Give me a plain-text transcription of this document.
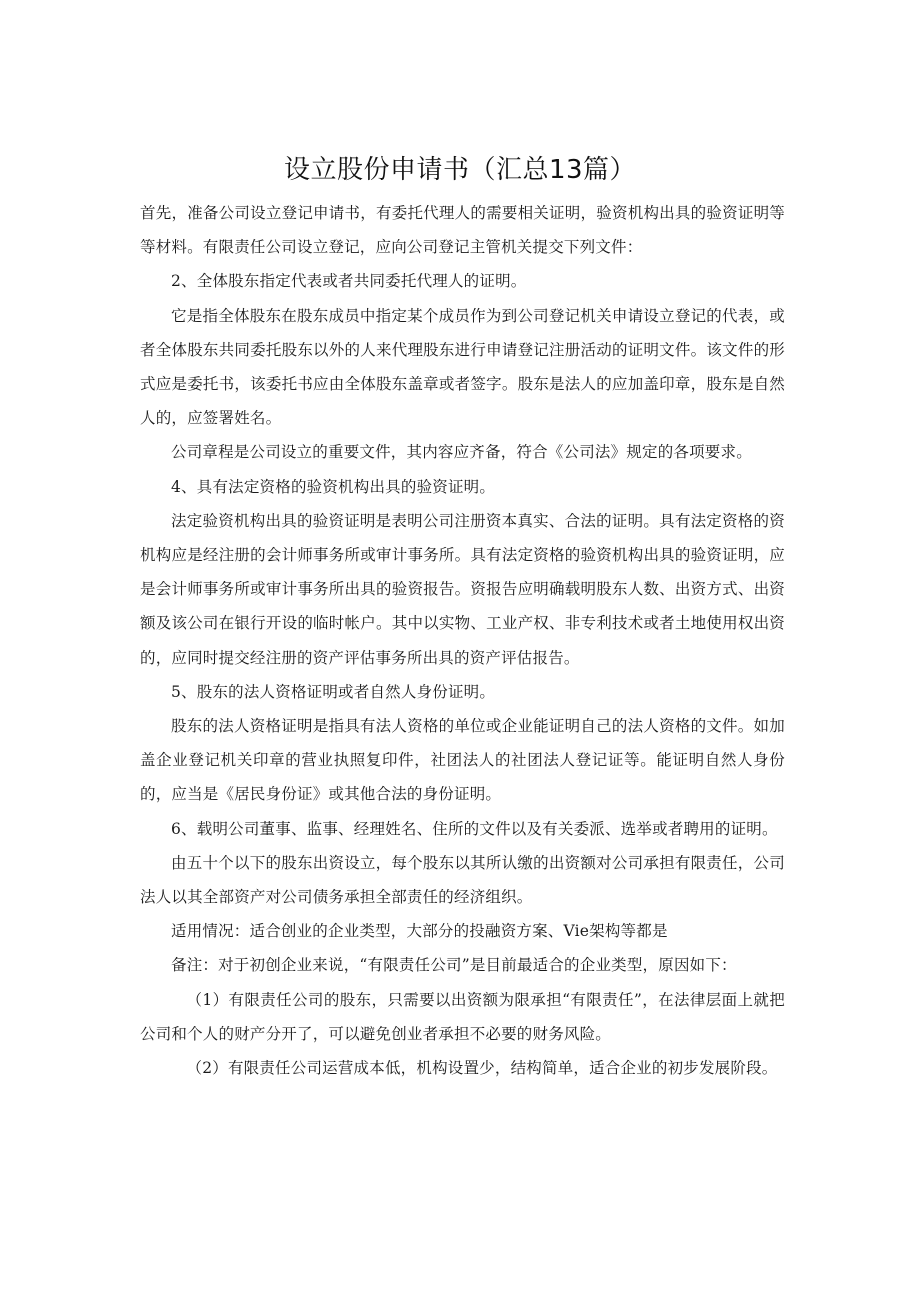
设立股份申请书（汇总13篇）

首先，准备公司设立登记申请书，有委托代理人的需要相关证明，验资机构出具的验资证明等等材料。有限责任公司设立登记，应向公司登记主管机关提交下列文件：

2、全体股东指定代表或者共同委托代理人的证明。

它是指全体股东在股东成员中指定某个成员作为到公司登记机关申请设立登记的代表，或者全体股东共同委托股东以外的人来代理股东进行申请登记注册活动的证明文件。该文件的形式应是委托书，该委托书应由全体股东盖章或者签字。股东是法人的应加盖印章，股东是自然人的，应签署姓名。

公司章程是公司设立的重要文件，其内容应齐备，符合《公司法》规定的各项要求。

4、具有法定资格的验资机构出具的验资证明。

法定验资机构出具的验资证明是表明公司注册资本真实、合法的证明。具有法定资格的资机构应是经注册的会计师事务所或审计事务所。具有法定资格的验资机构出具的验资证明，应是会计师事务所或审计事务所出具的验资报告。资报告应明确载明股东人数、出资方式、出资额及该公司在银行开设的临时帐户。其中以实物、工业产权、非专利技术或者土地使用权出资的，应同时提交经注册的资产评估事务所出具的资产评估报告。

5、股东的法人资格证明或者自然人身份证明。

股东的法人资格证明是指具有法人资格的单位或企业能证明自己的法人资格的文件。如加盖企业登记机关印章的营业执照复印件，社团法人的社团法人登记证等。能证明自然人身份的，应当是《居民身份证》或其他合法的身份证明。

6、载明公司董事、监事、经理姓名、住所的文件以及有关委派、选举或者聘用的证明。

由五十个以下的股东出资设立，每个股东以其所认缴的出资额对公司承担有限责任，公司法人以其全部资产对公司债务承担全部责任的经济组织。

适用情况：适合创业的企业类型，大部分的投融资方案、Vie架构等都是

备注：对于初创企业来说，“有限责任公司”是目前最适合的企业类型，原因如下：

（1）有限责任公司的股东，只需要以出资额为限承担“有限责任”，在法律层面上就把公司和个人的财产分开了，可以避免创业者承担不必要的财务风险。

（2）有限责任公司运营成本低，机构设置少，结构简单，适合企业的初步发展阶段。
